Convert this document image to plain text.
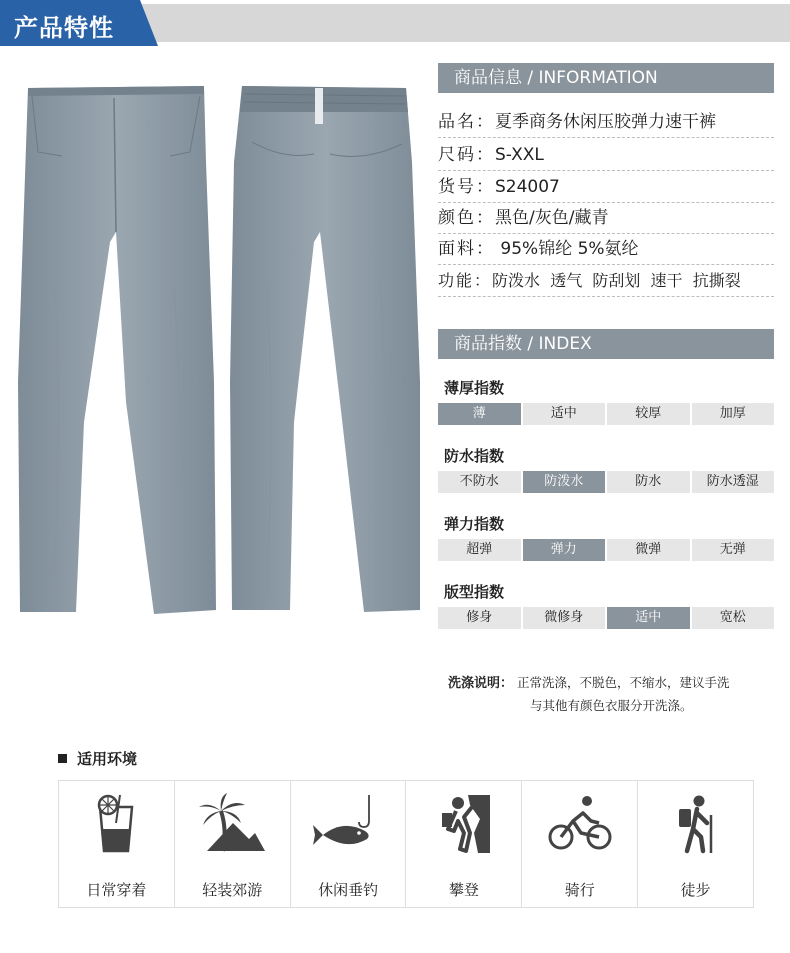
产品特性
商品信息 / INFORMATION
品名：夏季商务休闲压胶弹力速干裤
尺码：S-XXL
货号：S24007
颜色：黑色/灰色/藏青
面料： 95%锦纶 5%氨纶
功能：防泼水  透气  防刮划  速干  抗撕裂
商品指数 / INDEX
薄厚指数
薄	适中	较厚	加厚
防水指数
不防水	防泼水	防水	防水透湿
弹力指数
超弹	弹力	微弹	无弹
版型指数
修身	微修身	适中	宽松
洗涤说明： 正常洗涤，不脱色，不缩水，建议手洗
与其他有颜色衣服分开洗涤。
适用环境
日常穿着	轻装郊游	休闲垂钓	攀登	骑行	徒步
